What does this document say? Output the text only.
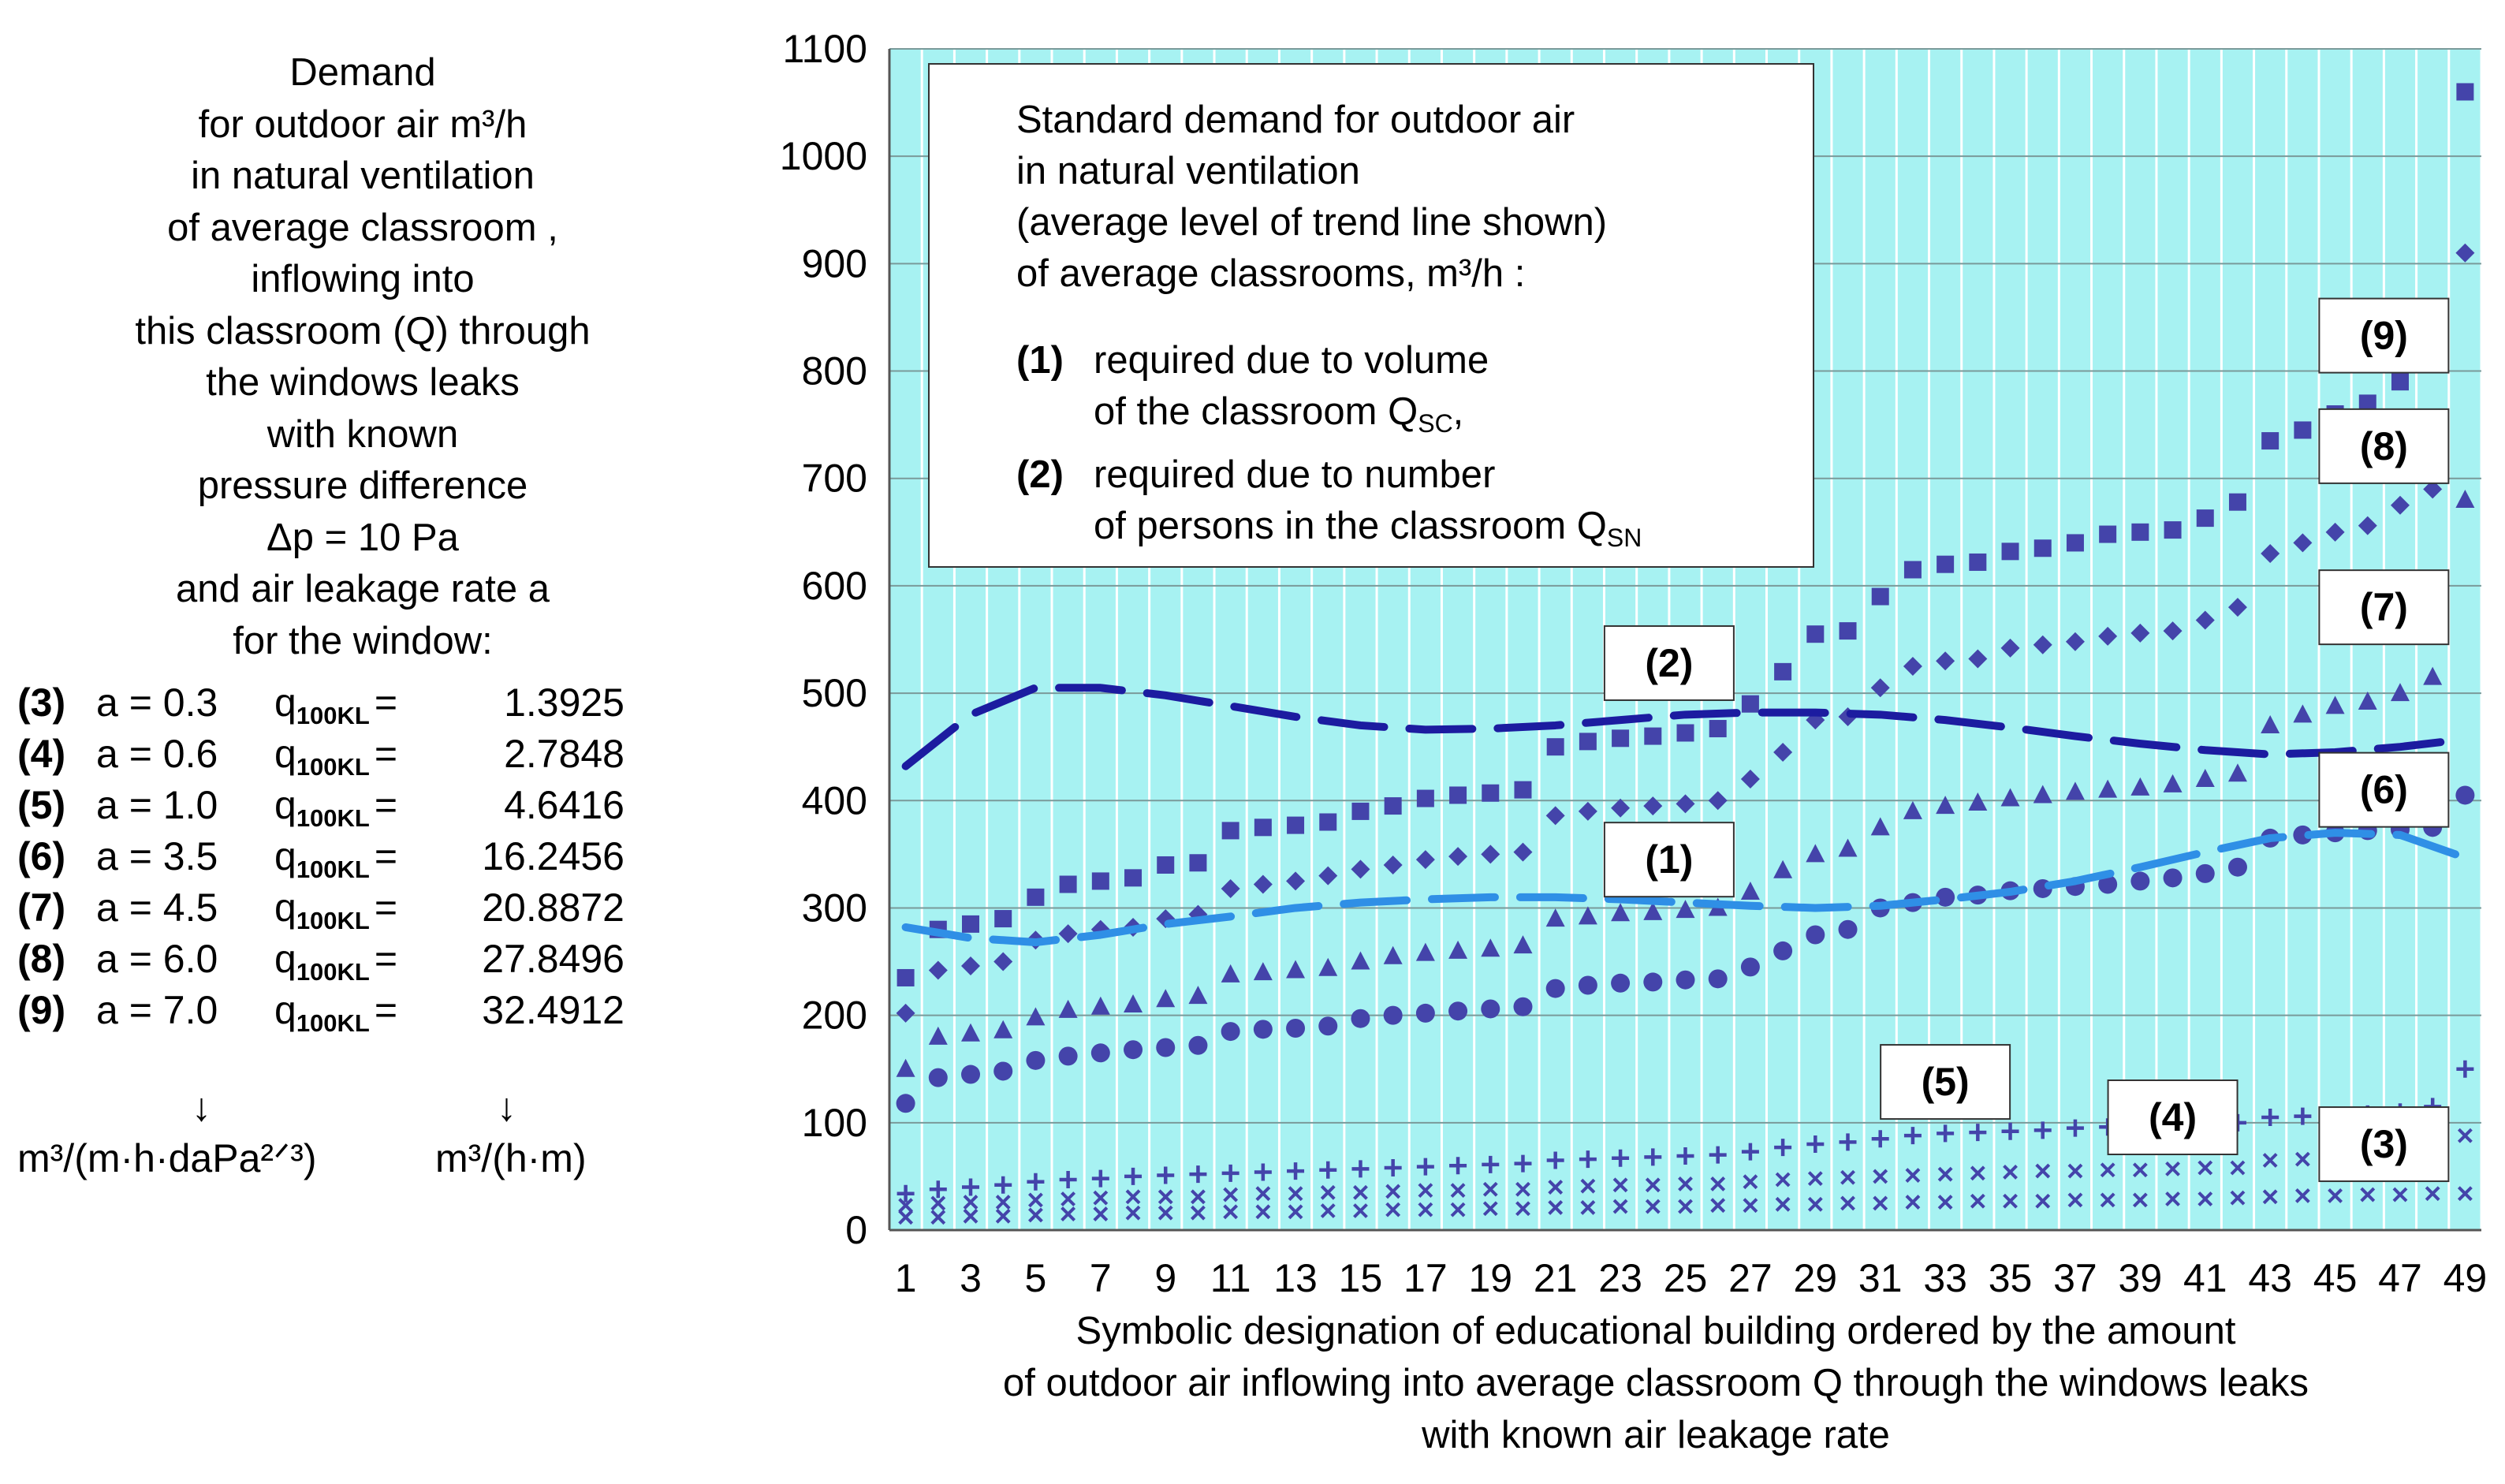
Demand
for outdoor air m³/h
in natural ventilation
of average classroom ,
inflowing into
this classroom (Q) through
the windows leaks
with known
pressure difference
Δp = 10 Pa
and air leakage rate a
for the window:
(3) a = 0.3 $q_{100KL}$ =	1.3925
(4) a = 0.6 $q_{100KL}$ =	2.7848
(5) a = 1.0 $q_{100KL}$ =	4.6416
(6) a = 3.5 $q_{100KL}$ =	16.2456
(7) a = 4.5 $q_{100KL}$ =	20.8872
(8) a = 6.0 $q_{100KL}$ =	27.8496
(9) a = 7.0 $q_{100KL}$ =	32.4912
↓	↓
m³/(m·h·daPa²ᐟ³)	m³/(h·m)
0
100
200
300
400
500
600
700
800
900
1000
1100
1 3 5 7 9 11 13 15 17 19 21 23 25 27 29 31 33 35 37 39 41 43 45 47 49
(2)
(1)
(5)
(4)
(3)
(9)
(8)
(7)
(6)
Standard demand for outdoor air
in natural ventilation
(average level of trend line shown)
of average classrooms, m³/h :
(1) required due to volume
of the classroom $Q_{SC}$,
(2) required due to number
of persons in the classroom $Q_{SN}$
Symbolic designation of educational building ordered by the amount
of outdoor air inflowing into average classroom Q through the windows leaks
with known air leakage rate
